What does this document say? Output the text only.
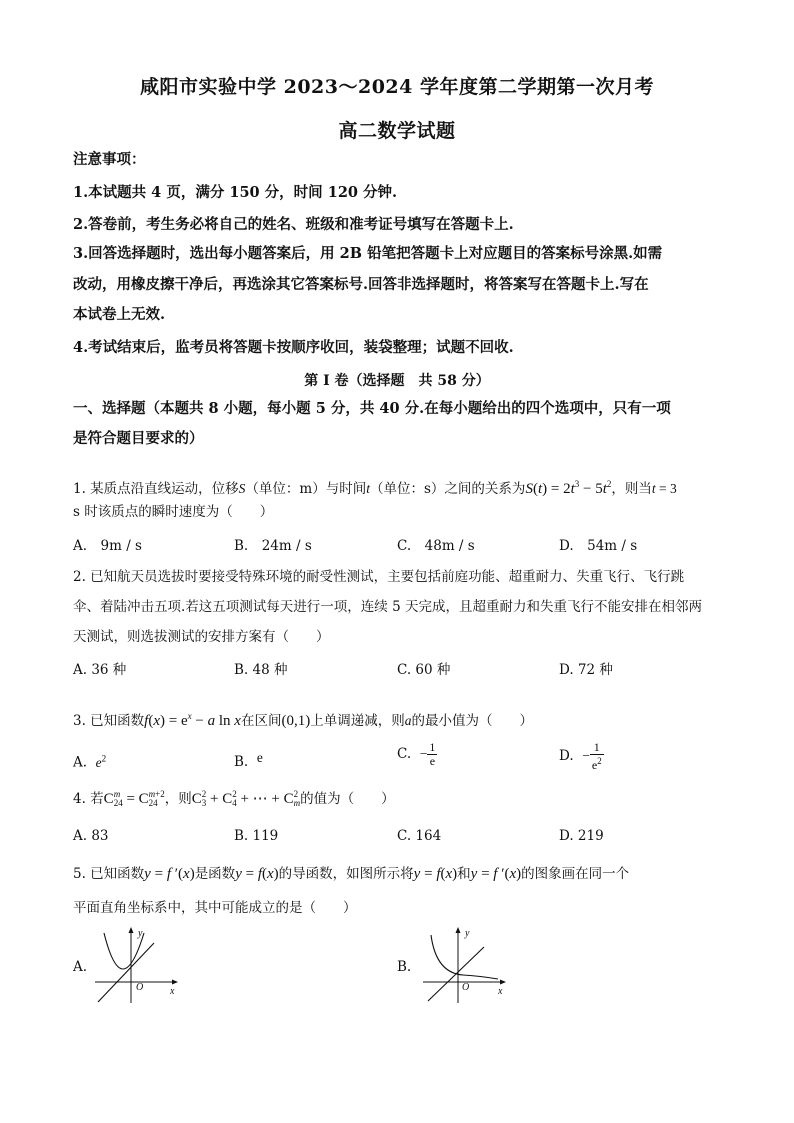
咸阳市实验中学 2023～2024 学年度第二学期第一次月考
高二数学试题
注意事项：
1.本试题共 4 页，满分 150 分，时间 120 分钟.
2.答卷前，考生务必将自己的姓名、班级和准考证号填写在答题卡上.
3.回答选择题时，选出每小题答案后，用 2B 铅笔把答题卡上对应题目的答案标号涂黑.如需
改动，用橡皮擦干净后，再选涂其它答案标号.回答非选择题时，将答案写在答题卡上.写在
本试卷上无效.
4.考试结束后，监考员将答题卡按顺序收回，装袋整理；试题不回收.
第 I 卷（选择题　共 58 分）
一、选择题（本题共 8 小题，每小题 5 分，共 40 分.在每小题给出的四个选项中，只有一项
是符合题目要求的）
1. 某质点沿直线运动，位移S（单位：m）与时间t（单位：s）之间的关系为$S(t) = 2t^3 - 5t^2$，则当t = 3
s 时该质点的瞬时速度为（　　）
A.　9m / s	B.　24m / s	C.　48m / s	D.　54m / s
2. 已知航天员选拔时要接受特殊环境的耐受性测试，主要包括前庭功能、超重耐力、失重飞行、飞行跳
伞、着陆冲击五项.若这五项测试每天进行一项，连续 5 天完成，且超重耐力和失重飞行不能安排在相邻两
天测试，则选拔测试的安排方案有（　　）
A. 36 种	B. 48 种	C. 60 种	D. 72 种
3. 已知函数$f(x) = e^x - a$ ln x在区间(0,1)上单调递减，则a的最小值为（　　）
A. $e^2$	B. e	C. − $\frac{1}{e}$	D. − $\frac{1}{e^2}$
4. 若Cm
24 = Cm+2
24 ，则C2
3 + C2
4 + ⋯ + C2
m的值为（　　）
A. 83	B. 119	C. 164	D. 219
5. 已知函数y = f ′(x)是函数y = f(x)的导函数，如图所示将y = f(x)和y = f ′(x)的图象画在同一个
平面直角坐标系中，其中可能成立的是（　　）
A.
y
x
O
B.
y
x
O
